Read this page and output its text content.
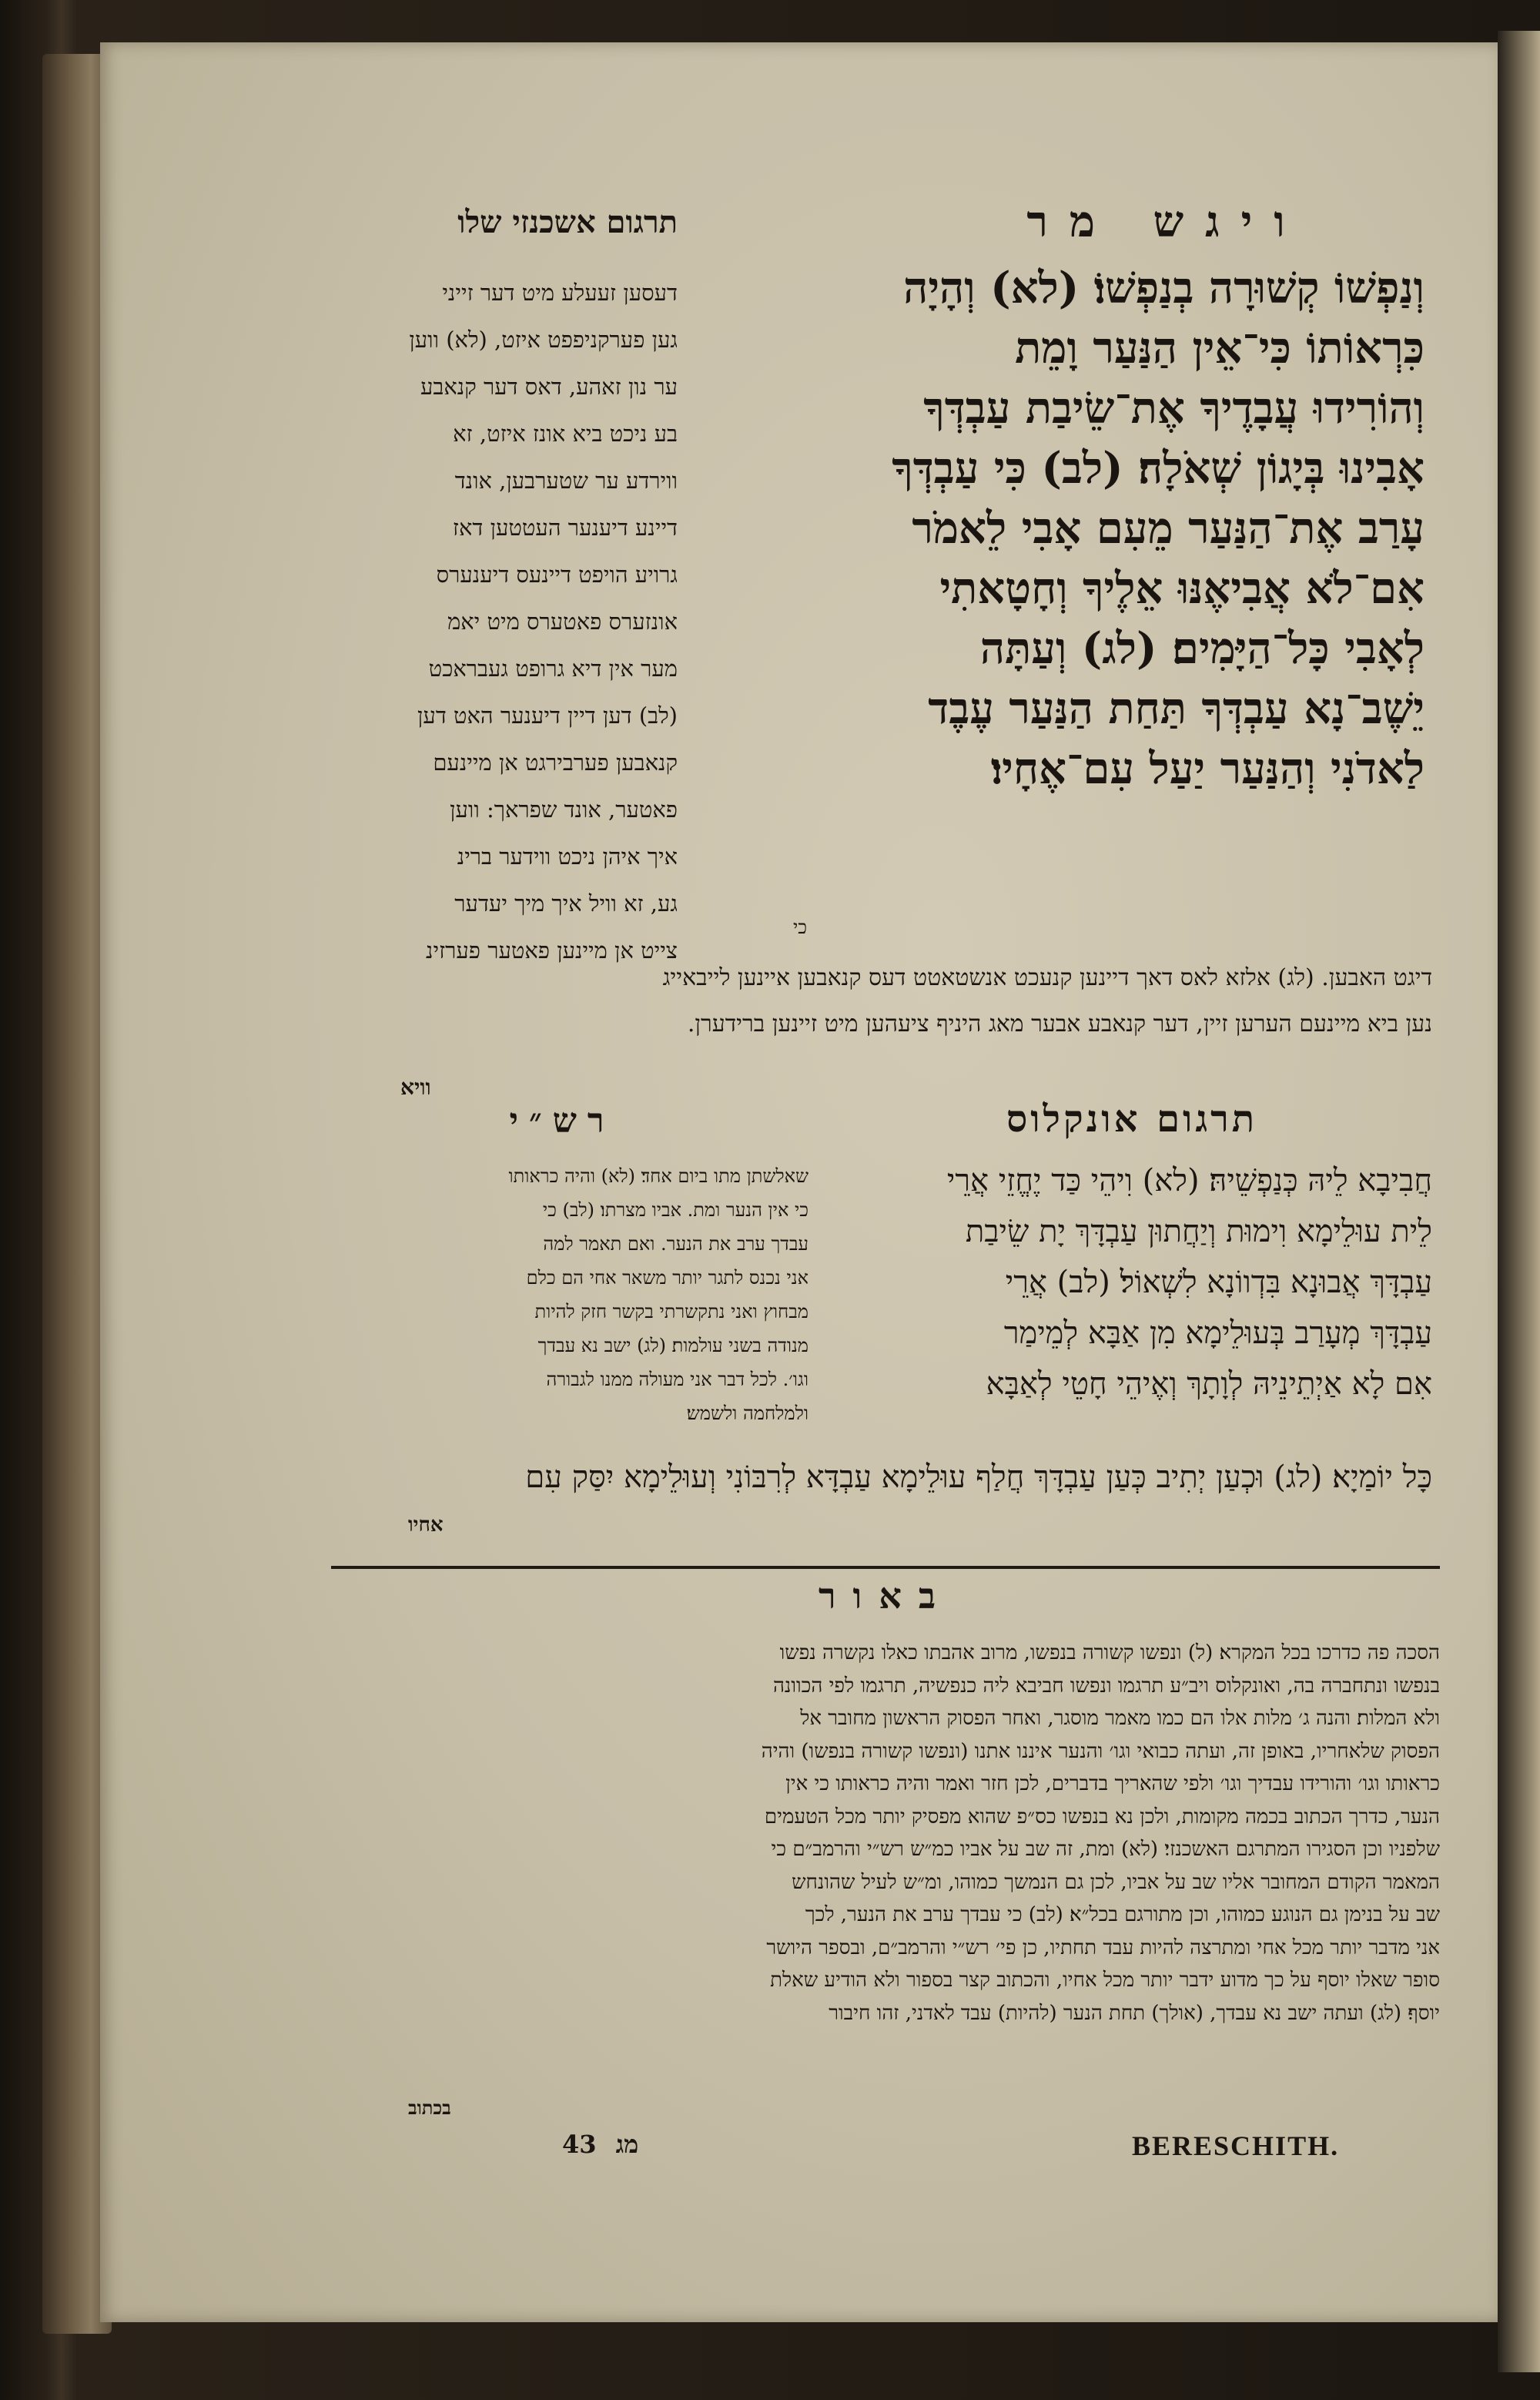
ויגש מר
תרגום אשכנזי שלו
וְנַפְשׁוֹ קְשׁוּרָה בְנַפְשׁוֹ׃ (לא) וְהָיָה
כִּרְאוֹתוֹ כִּי־אֵין הַנַּעַר וָמֵת
וְהוֹרִידוּ עֲבָדֶיךָ אֶת־שֵׂיבַת עַבְדְּךָ
אָבִינוּ בְּיָגוֹן שְׁאֹלָה׃ (לב) כִּי עַבְדְּךָ
עָרַב אֶת־הַנַּעַר מֵעִם אָבִי לֵאמֹר
אִם־לֹא אֲבִיאֶנּוּ אֵלֶיךָ וְחָטָאתִי
לְאָבִי כָּל־הַיָּמִים׃ (לג) וְעַתָּה
יֵשֶׁב־נָא עַבְדְּךָ תַּחַת הַנַּעַר עֶבֶד
לַאדֹנִי וְהַנַּעַר יַעַל עִם־אֶחָיו׃
דעסען זעעלע מיט דער זייני
גען פערקניפפט איזט, (לא) ווען
ער נון זאהע, דאס דער קנאבע
בע ניכט ביא אונז איזט, זא
ווירדע ער שטערבען, אונד
דיינע דיענער העטטען דאז
גרויע הויפט דיינעס דיענערס
אונזערס פאטערס מיט יאמ
מער אין דיא גרופט געבראכט
(לב) דען דיין דיענער האט דען
קנאבען פערבירגט אן מיינעם
פאטער, אונד שפראך: ווען
איך איהן ניכט ווידער ברינ
גע, זא וויל איך מיך יעדער
צייט אן מיינען פאטער פערזינ
כי
דיגט האבען. (לג) אלזא לאס דאך דיינען קנעכט אנשטאטט דעס קנאבען איינען לייבאייג
נען ביא מיינעם הערען זיין, דער קנאבע אבער מאג היניף ציעהען מיט זיינען ברידערן.
וויא
תרגום אונקלוס
רש״י
חֲבִיבָא לֵיהּ כְּנַפְשֵׁיהּ׃ (לא) וִיהֵי כַּד יֶחֱזֵי אֲרֵי
לֵית עוּלֵימָא וִימוּת וְיַחֲתוּן עַבְדָּךְ יָת שֵׂיבַת
עַבְדָּךְ אֲבוּנָא בִּדְווֹנָא לִשְׁאוֹל׃ (לב) אֲרֵי
עַבְדָּךְ מְעָרַב בְּעוּלֵימָא מִן אַבָּא לְמֵימַר
אִם לָא אַיְתֵינֵיהּ לְוָתָךְ וְאֶיהֵי חָטֵי לְאַבָּא
כָּל יוֹמַיָא׃ (לג) וּכְעַן יְתִיב כְּעַן עַבְדָּךְ חֲלַף עוּלֵימָא עַבְדָּא לְרִבּוֹנִי וְעוּלֵימָא יִסַּק עִם
שאלשתן מתו ביום אחד׃ (לא) והיה כראותו
כי אין הנער ומת. אביו מצרתו׃ (לב) כי
עבדך ערב את הנער. ואם תאמר למה
אני נכנס לתגר יותר משאר אחי הם כלם
מבחוץ ואני נתקשרתי בקשר חזק להיות
מנודה בשני עולמות׃ (לג) ישב נא עבדך
וגו׳. לכל דבר אני מעולה ממנו לגבורה
ולמלחמה ולשמש׃
אחיו
באור
הסכה פה כדרכו בכל המקרא׃ (ל) ונפשו קשורה בנפשו, מרוב אהבתו כאלו נקשרה נפשו
בנפשו ונתחברה בה, ואונקלוס ויב״ע תרגמו ונפשו חביבא ליה כנפשיה, תרגמו לפי הכוונה
ולא המלות׃ והנה ג׳ מלות אלו הם כמו מאמר מוסגר, ואחר הפסוק הראשון מחובר אל
הפסוק שלאחריו, באופן זה, ועתה כבואי וגו׳ והנער איננו אתנו (ונפשו קשורה בנפשו) והיה
כראותו וגו׳ והורידו עבדיך וגו׳ ולפי שהאריך בדברים, לכן חזר ואמר והיה כראותו כי אין
הנער, כדרך הכתוב בכמה מקומות, ולכן נא בנפשו כס״פ שהוא מפסיק יותר מכל הטעמים
שלפניו וכן הסגירו המתרגם האשכנזי׃ (לא) ומת, זה שב על אביו כמ״ש רש״י והרמב״ם כי
המאמר הקודם המחובר אליו שב על אביו, לכן גם הנמשך כמוהו, ומ״ש לעיל שהונחש
שב על בנימן גם הנוגע כמוהו, וכן מתורגם בכל״א׃ (לב) כי עבדך ערב את הנער, לכך
אני מדבר יותר מכל אחי ומתרצה להיות עבד תחתיו, כן פי׳ רש״י והרמב״ם, ובספר היושר
סופר שאלו יוסף על כך מדוע ידבר יותר מכל אחיו, והכתוב קצר בספור ולא הודיע שאלת
יוסף׃ (לג) ועתה ישב נא עבדך, (אולך) תחת הנער (להיות) עבד לאדני, זהו חיבור
בכתוב
43 מג	BERESCHITH.
